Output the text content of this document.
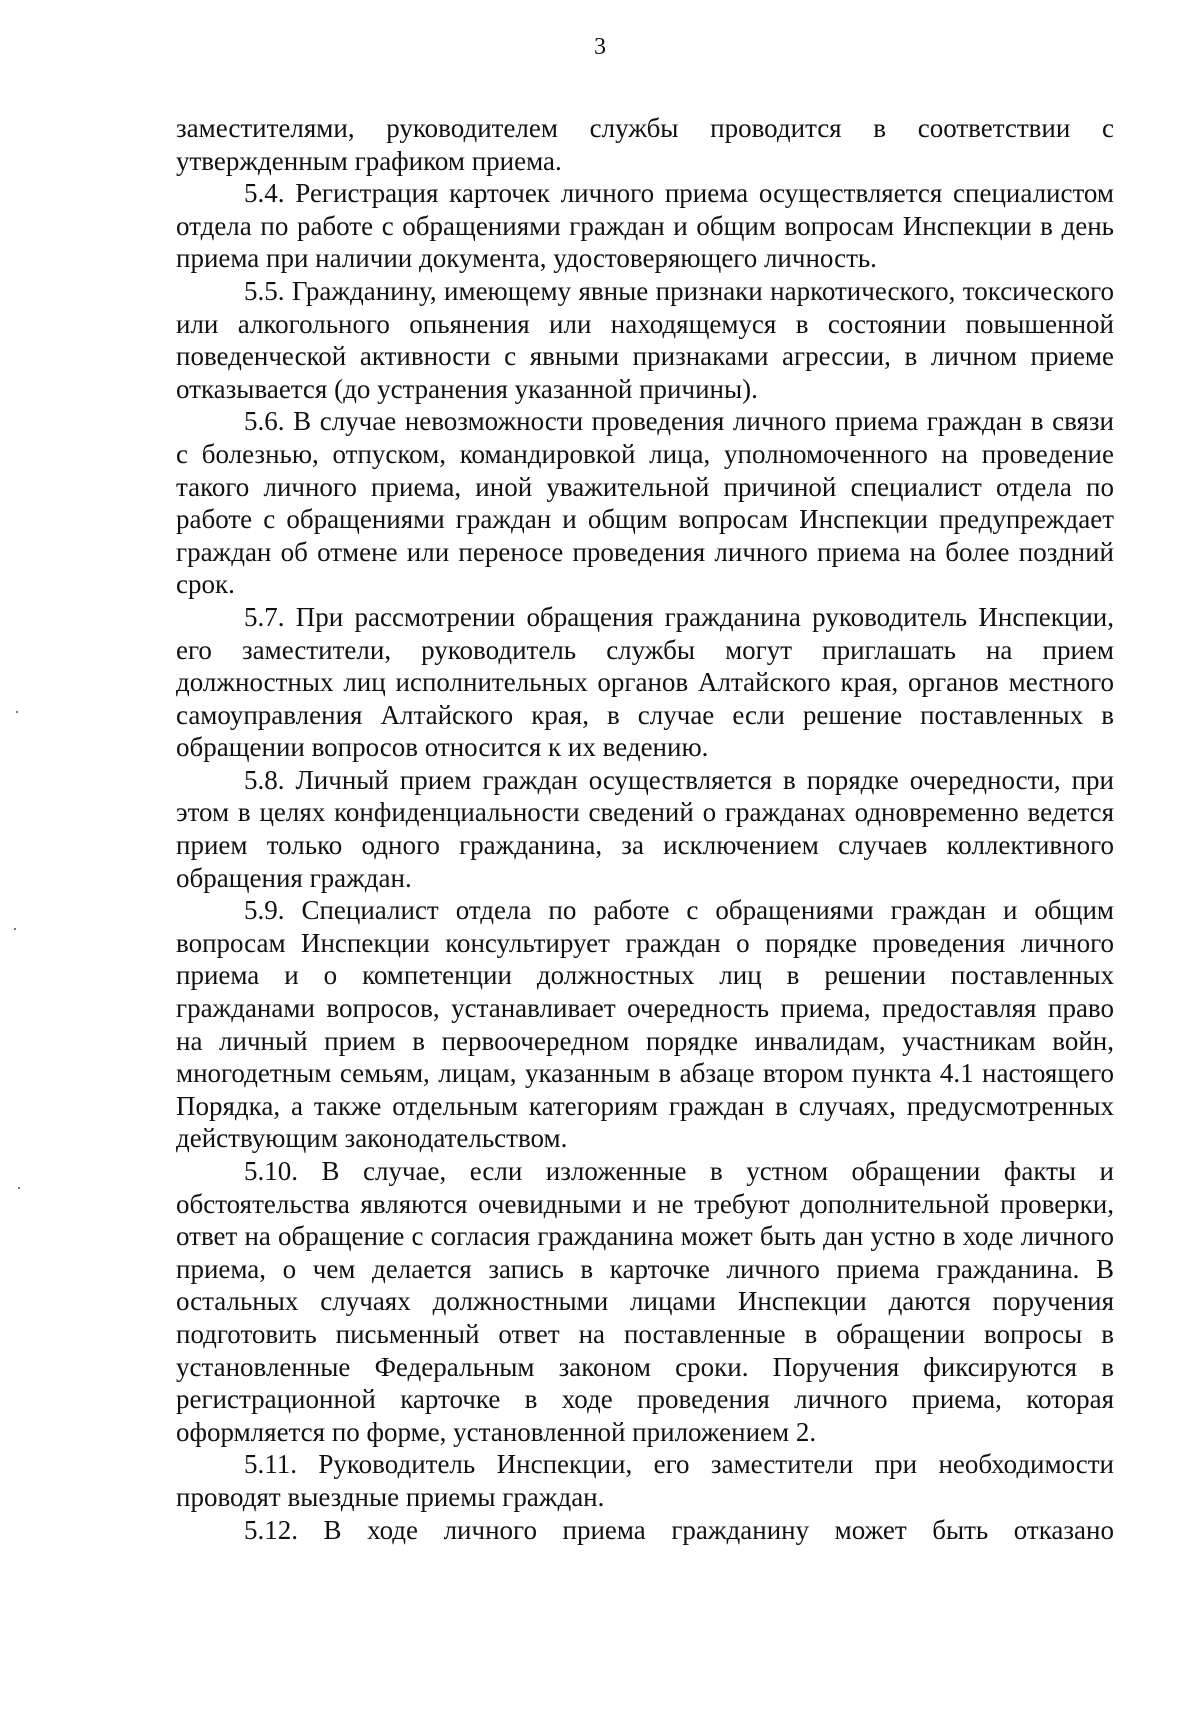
3

заместителями, руководителем службы проводится в соответствии с утвержденным графиком приема.

5.4. Регистрация карточек личного приема осуществляется специалистом отдела по работе с обращениями граждан и общим вопросам Инспекции в день приема при наличии документа, удостоверяющего личность.

5.5. Гражданину, имеющему явные признаки наркотического, токсического или алкогольного опьянения или находящемуся в состоянии повышенной поведенческой активности с явными признаками агрессии, в личном приеме отказывается (до устранения указанной причины).

5.6. В случае невозможности проведения личного приема граждан в связи с болезнью, отпуском, командировкой лица, уполномоченного на проведение такого личного приема, иной уважительной причиной специалист отдела по работе с обращениями граждан и общим вопросам Инспекции предупреждает граждан об отмене или переносе проведения личного приема на более поздний срок.

5.7. При рассмотрении обращения гражданина руководитель Инспекции, его заместители, руководитель службы могут приглашать на прием должностных лиц исполнительных органов Алтайского края, органов местного самоуправления Алтайского края, в случае если решение поставленных в обращении вопросов относится к их ведению.

5.8. Личный прием граждан осуществляется в порядке очередности, при этом в целях конфиденциальности сведений о гражданах одновременно ведется прием только одного гражданина, за исключением случаев коллективного обращения граждан.

5.9. Специалист отдела по работе с обращениями граждан и общим вопросам Инспекции консультирует граждан о порядке проведения личного приема и о компетенции должностных лиц в решении поставленных гражданами вопросов, устанавливает очередность приема, предоставляя право на личный прием в первоочередном порядке инвалидам, участникам войн, многодетным семьям, лицам, указанным в абзаце втором пункта 4.1 настоящего Порядка, а также отдельным категориям граждан в случаях, предусмотренных действующим законодательством.

5.10. В случае, если изложенные в устном обращении факты и обстоятельства являются очевидными и не требуют дополнительной проверки, ответ на обращение с согласия гражданина может быть дан устно в ходе личного приема, о чем делается запись в карточке личного приема гражданина. В остальных случаях должностными лицами Инспекции даются поручения подготовить письменный ответ на поставленные в обращении вопросы в установленные Федеральным законом сроки. Поручения фиксируются в регистрационной карточке в ходе проведения личного приема, которая оформляется по форме, установленной приложением 2.

5.11. Руководитель Инспекции, его заместители при необходимости проводят выездные приемы граждан.

5.12. В ходе личного приема гражданину может быть отказано
